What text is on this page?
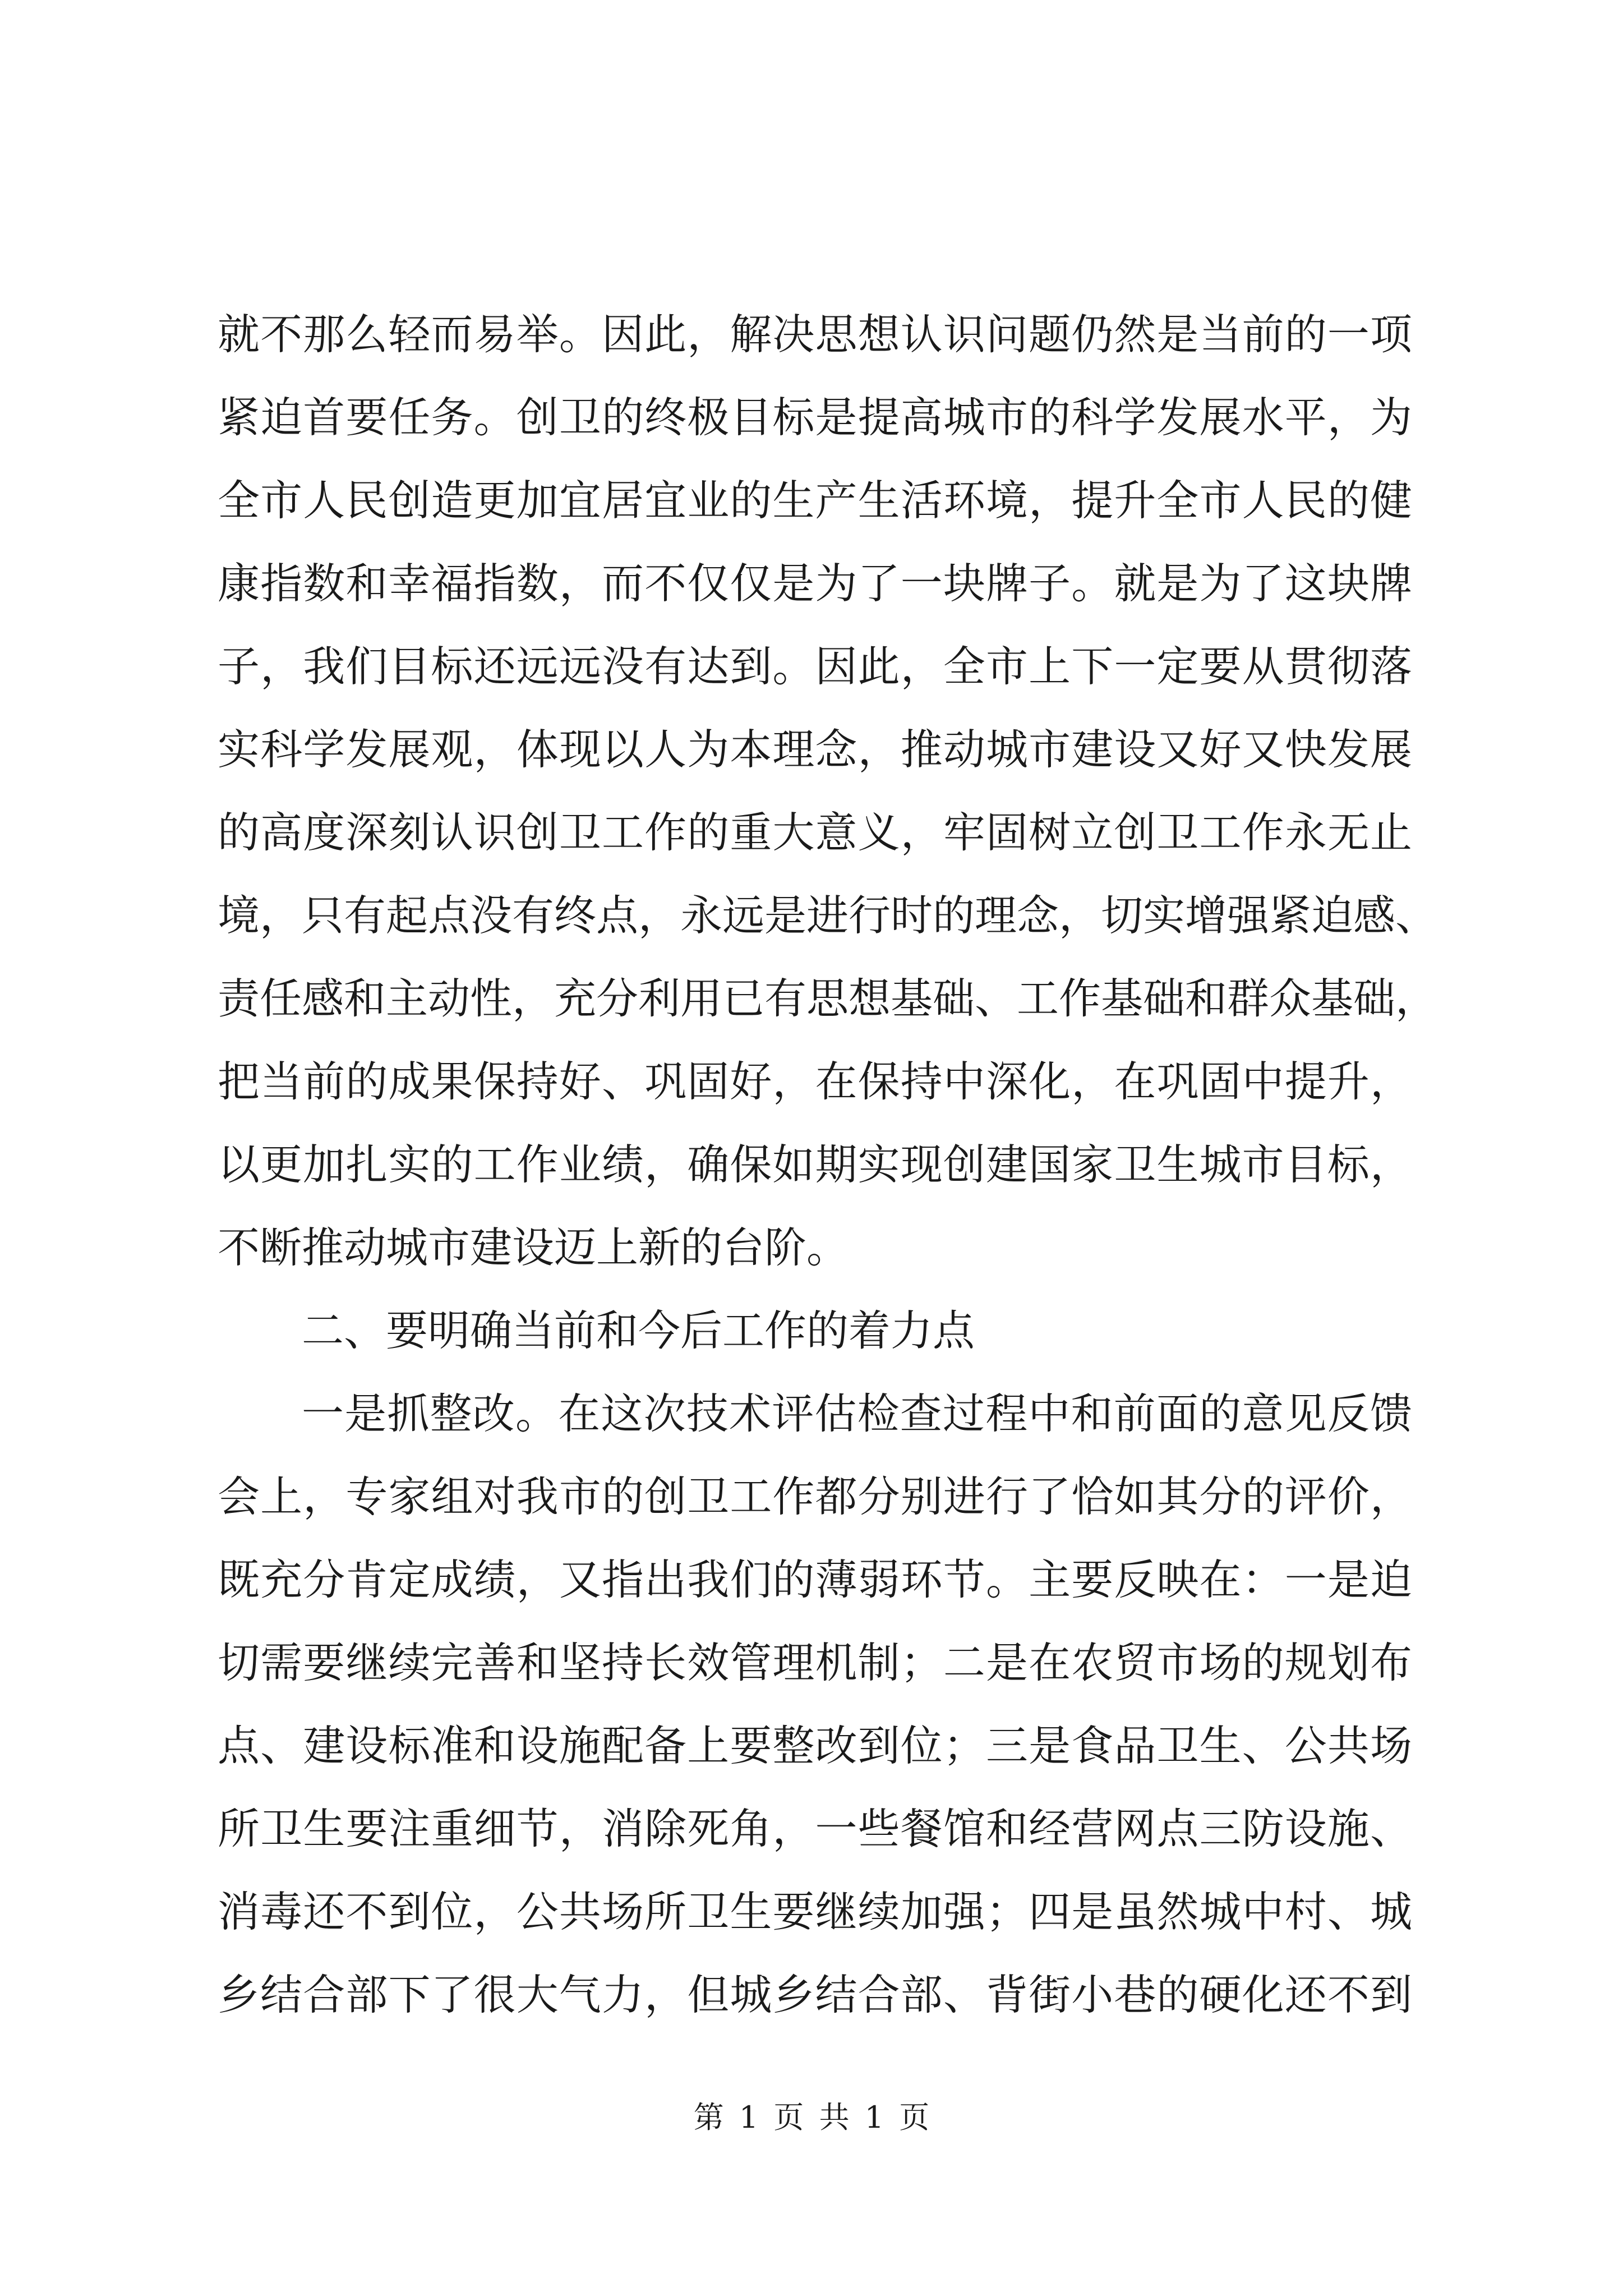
就不那么轻而易举。因此，解决思想认识问题仍然是当前的一项
紧迫首要任务。创卫的终极目标是提高城市的科学发展水平，为
全市人民创造更加宜居宜业的生产生活环境，提升全市人民的健
康指数和幸福指数，而不仅仅是为了一块牌子。就是为了这块牌
子，我们目标还远远没有达到。因此，全市上下一定要从贯彻落
实科学发展观，体现以人为本理念，推动城市建设又好又快发展
的高度深刻认识创卫工作的重大意义，牢固树立创卫工作永无止
境，只有起点没有终点，永远是进行时的理念，切实增强紧迫感、
责任感和主动性，充分利用已有思想基础、工作基础和群众基础，
把当前的成果保持好、巩固好，在保持中深化，在巩固中提升，
以更加扎实的工作业绩，确保如期实现创建国家卫生城市目标，
不断推动城市建设迈上新的台阶。
二、要明确当前和今后工作的着力点
一是抓整改。在这次技术评估检查过程中和前面的意见反馈
会上，专家组对我市的创卫工作都分别进行了恰如其分的评价，
既充分肯定成绩，又指出我们的薄弱环节。主要反映在：一是迫
切需要继续完善和坚持长效管理机制；二是在农贸市场的规划布
点、建设标准和设施配备上要整改到位；三是食品卫生、公共场
所卫生要注重细节，消除死角，一些餐馆和经营网点三防设施、
消毒还不到位，公共场所卫生要继续加强；四是虽然城中村、城
乡结合部下了很大气力，但城乡结合部、背街小巷的硬化还不到
第 1 页 共 1 页
